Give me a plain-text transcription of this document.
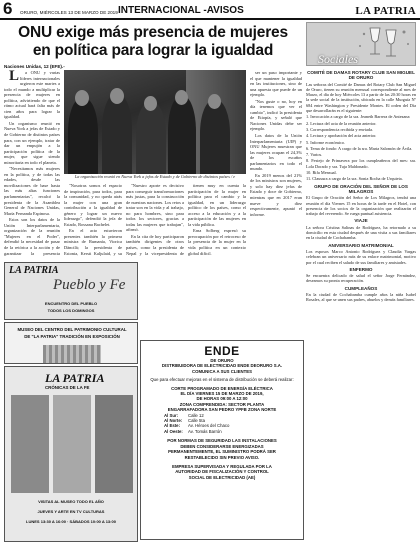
6	ORURO, MIÉRCOLES 13 DE MARZO DE 2019 INTERNACIONAL -AVISOS	LA PATRIA
ONU exige más presencia de mujeres
en política para lograr la igualdad
Naciones Unidas, 12 (EFE).-

L a ONU y varias líderes internacionales urgieron este martes a todo el mundo a multiplicar la presencia de mujeres en política, advirtiendo de que el ritmo actual hará falta más de cien años para lograr la igualdad.

Un organismo reunió en Nueva York a jefas de Estado y de Gobierno de distintos países para, con un ejemplo, tratar de dar un empujón a la participación política de la mujer, que sigue siendo minoritaria en todo el planeta.

"Necesitamos más mujeres en la política, y de todas las edades, desde las movilizaciones de base hasta las más altas funciones parlamentarias", recalcó la presidenta de la Asamblea General de Naciones Unidas, María Fernanda Espinosa.

Estos son los datos de la Unión Interparlamentaria, organización de la reunión "Mujeres en el Poder", defendió la necesidad de pasar de la retórica a la acción y de garantizar la presencia

La organización reunió en Nueva York a jefas de Estado y de Gobierno de distintos países / e

"Nosotras somos el espacio de inspiración, para todos, para la comunidad, y no queda atrás la mujer con una gran contribución a la igualdad de género y lograr un nuevo liderazgo", defendió la jefa de Estado, Rossana Bachelet.

En el acto estuvieron presentes también la primera ministra de Rumanía, Viorica Dăncilă; la presidenta de Estonia, Kersti Kaljulaid, y su

"Nuestro aporte es decisivo para conseguir transformaciones más justas, para la construcción de nuestras naciones. Los retos a tratar son en la vida y al trabajo, no para hombres, sino para todos los sectores, gracias a todas las mujeres que trabajan", afirmó.

En la cita de hoy participaron también dirigentes de otros países, como la presidenta de Nepal y la vicepresidenta de

tienen muy en cuenta la participación de la mujer en política para el cambio y la igualdad, en un liderazgo político de los países, como el acceso a la educación y a la participación de las mujeres en la vida pública.

Erna Solberg expresó su preocupación por el retroceso de la presencia de la mujer en la vida política en un contexto global difícil.

ser un paso importante y el que mantener la igualdad en las instituciones, sino de una apuesta que puede de un ejemplo.

"Nos guste o no, hoy en día tenemos que ver el cambio", indicó la presidenta de Etiopía, y señaló que Naciones Unidas debe ser ejemplo.

Los datos de la Unión Interparlamentaria (UIP) y ONU Mujeres muestran que las mujeres ocupan el 24,3% de los escaños parlamentarios en todo el mundo.

En 2019 menos del 21% de los ministros son mujeres, y solo hay diez jefas de Estado y doce de Gobierno, mientras que en 2017 eran nueve y diez respectivamente, apuntó el informe.

Sociales
COMITÉ DE DAMAS ROTARY CLUB SAN MIGUEL DE ORURO

Las señoras del Comité de Damas del Rotary Club San Miguel de Oruro, tienen su reunión mensual correspondiente al mes de Marzo, el día de hoy Miércoles 13 a partir de las 20:30 horas en la sede social de la institución, ubicada en la calle Murguía Nº 684 entre Washington y Presidente Montes. El orden del Día que desarrollarán es el siguiente:

1. Invocación a cargo de la sra. Jeaneth Barrera de Antezana

2. Lectura del acta de la reunión anterior.

3. Correspondencia recibida y enviada.

4. Lectura y aprobación del acta anterior.

5. Informe económico.

6. Tema de fondo: A cargo de la sra. Marta Salomón de Ávila.

7. Varios.

8. Festejo de Primavera por los cumpleañeros del mes: sra. Lola Dorado y sra. Tuja Maldonado.

10. Rifa Mensual.

11. Clausura a cargo de la sra. Sonia Rocha de Urquieta.

GRUPO DE ORACIÓN DEL SEÑOR DE LOS MILAGROS

El Grupo de Oración del Señor de Los Milagros, tendrá una reunión el día Viernes 15 en horas de la tarde en el Hotel, con presencia de los socios de la organización que realizarán el trabajo del reverendo. Se ruega puntual asistencia.

VIAJE

La señora Cristina Salinas de Rodríguez, ha retornado a su domicilio en esta ciudad después de una visita a sus familiares en la ciudad de Cochabamba.

ANIVERSARIO MATRIMONIAL

Los esposos Marco Antonio Rodríguez y Claudia Vargas celebran un aniversario más de su enlace matrimonial, motivo por el cual reciben el saludo de sus familiares y amistades.

ENFERMO

Se encuentra delicado de salud el señor Jorge Fernández, deseamos su pronta recuperación.

CUMPLEAÑOS

En la ciudad de Cochabamba cumple años la niña Isabel Rosales, al que se unen sus padres, abuelos y demás familiares.

LA PATRIA
Pueblo y Fe
ENCUENTRO DEL PUEBLO
TODOS LOS DOMINGOS
MUSEO DEL CENTRO DEL PATRIMONIO CULTURAL
DE "LA PATRIA" TRADICIÓN EN EXPOSICIÓN
LA PATRIA
CRÓNICAS DE LA FE
VISITAS AL MUSEO TODO EL AÑO
JUEVES Y ARTE EN TV CULTURAS
LUNES 13:30 A 16:00 · SÁBADOS 10:00 A 13:00
ENDE
DE ORURO
DISTRIBUIDORA DE ELECTRICIDAD ENDE DEORURO S.A.
COMUNICA A SUS CLIENTES
Que para efectuar mejoras en el sistema de distribución se deberá realizar:
CORTE PROGRAMADO DE ENERGÍA ELÉCTRICA
EL DÍA VIERNES 15 DE MARZO DE 2019,
DE HORAS 09:00 A 12:00
ZONA COMPRENDIDA: SECTOR PLANTA
ENGARRAFADORA SAN PEDRO YPFB ZONA NORTE
Al Sur:	Calle 12
Al Norte:	Calle 5ta
Al Este:	Av. Héroes del Chaco
Al Oeste:	Av. Tomás Barrón
POR NORMAS DE SEGURIDAD LAS INSTALACIONES
DEBEN CONSIDERARSE ENERGIZADAS
PERMANENTEMENTE, EL SUMINISTRO PODRÁ SER
RESTABLECIDO SIN PREVIO AVISO.
EMPRESA SUPERVISADA Y REGULADA POR LA
AUTORIDAD DE FISCALIZACIÓN Y CONTROL
SOCIAL DE ELECTRICIDAD (AE)
